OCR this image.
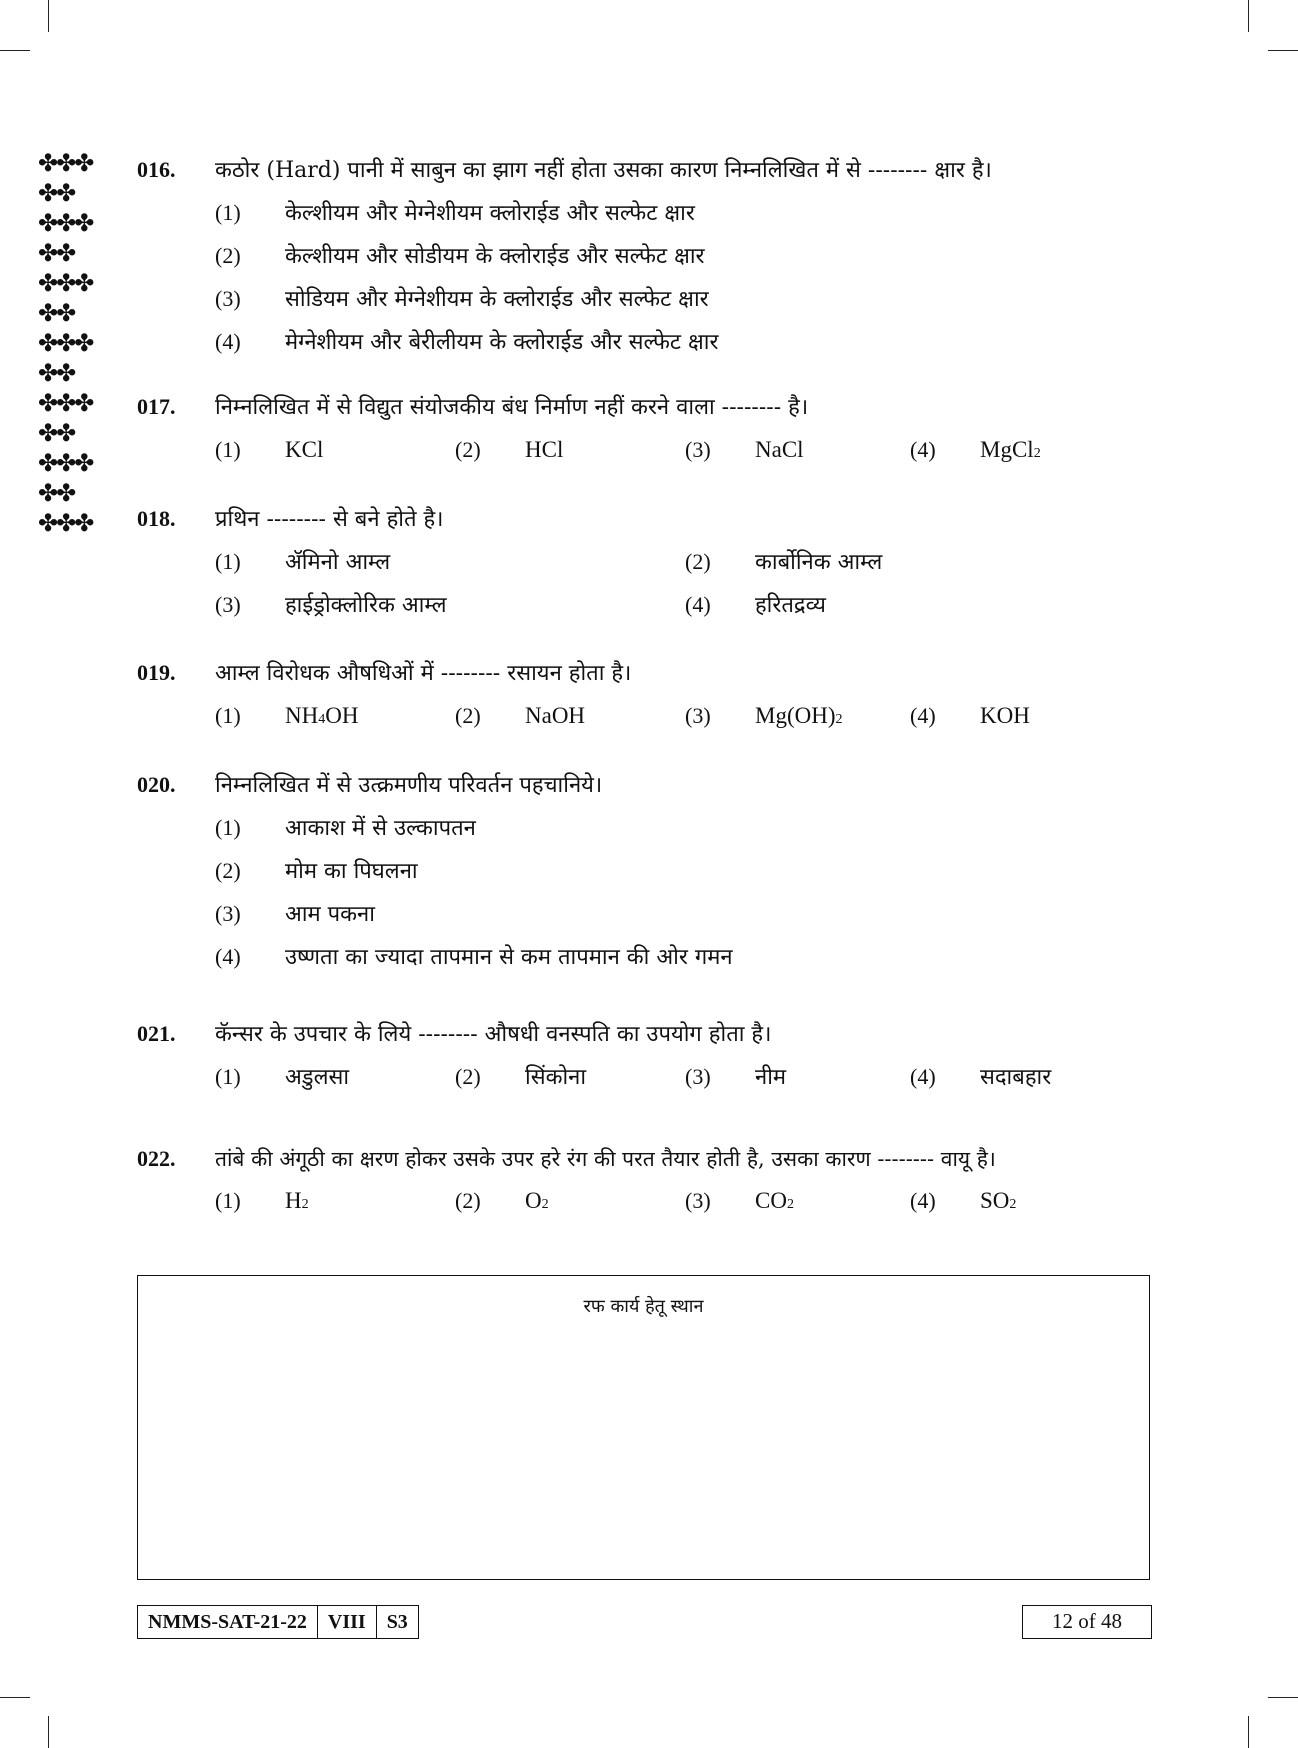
✤✤✤
✤✤
✤✤✤
✤✤
✤✤✤
✤✤
✤✤✤
✤✤
✤✤✤
✤✤
✤✤✤
✤✤
✤✤✤
016.	कठोर (Hard) पानी में साबुन का झाग नहीं होता उसका कारण निम्नलिखित में से -------- क्षार है।
(1)	केल्शीयम और मेग्नेशीयम क्लोराईड और सल्फेट क्षार
(2)	केल्शीयम और सोडीयम के क्लोराईड और सल्फेट क्षार
(3)	सोडियम और मेग्नेशीयम के क्लोराईड और सल्फेट क्षार
(4)	मेग्नेशीयम और बेरीलीयम के क्लोराईड और सल्फेट क्षार
017.	निम्नलिखित में से विद्युत संयोजकीय बंध निर्माण नहीं करने वाला -------- है।
(1)	KCl	(2)	HCl	(3)	NaCl	(4)	MgCl 2
018.	प्रथिन -------- से बने होते है।
(1)	ॲमिनो आम्ल	(2)	कार्बोनिक आम्ल
(3)	हाईड्रोक्लोरिक आम्ल	(4)	हरितद्रव्य
019.	आम्ल विरोधक औषधिओं में -------- रसायन होता है।
(1)	NH 4 OH	(2)	NaOH	(3)	Mg(OH) 2	(4)	KOH
020.	निम्नलिखित में से उत्क्रमणीय परिवर्तन पहचानिये।
(1)	आकाश में से उल्कापतन
(2)	मोम का पिघलना
(3)	आम पकना
(4)	उष्णता का ज्यादा तापमान से कम तापमान की ओर गमन
021.	कॅन्सर के उपचार के लिये -------- औषधी वनस्पति का उपयोग होता है।
(1)	अडुलसा	(2)	सिंकोना	(3)	नीम	(4)	सदाबहार
022.	तांबे की अंगूठी का क्षरण होकर उसके उपर हरे रंग की परत तैयार होती है, उसका कारण -------- वायू है।
(1)	H 2	(2)	O 2	(3)	CO 2	(4)	SO 2
रफ कार्य हेतू स्थान
NMMS-SAT-21-22	VIII	S3	12 of 48
